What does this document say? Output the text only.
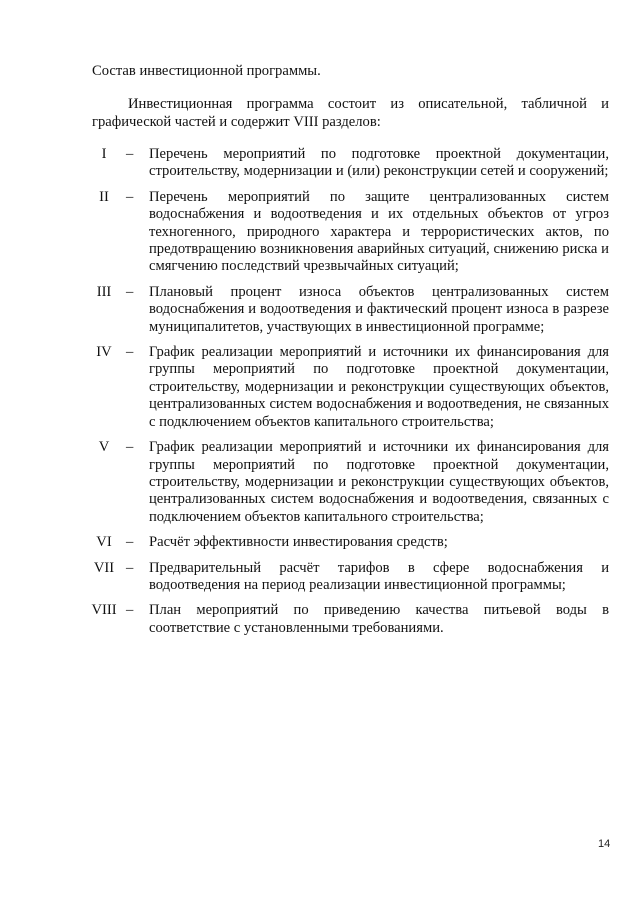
Состав инвестиционной программы.

Инвестиционная программа состоит из описательной, табличной и графической частей и содержит VIII разделов:

I	– Перечень мероприятий по подготовке проектной документации, строительству, модернизации и (или) реконструкции сетей и сооружений;
II	– Перечень мероприятий по защите централизованных систем водоснабжения и водоотведения и их отдельных объектов от угроз техногенного, природного характера и террористических актов, по предотвращению возникновения аварийных ситуаций, снижению риска и смягчению последствий чрезвычайных ситуаций;
III	– Плановый процент износа объектов централизованных систем водоснабжения и водоотведения и фактический процент износа в разрезе муниципалитетов, участвующих в инвестиционной программе;
IV – График реализации мероприятий и источники их финансирования для группы мероприятий по подготовке проектной документации, строительству, модернизации и реконструкции существующих объектов, централизованных систем водоснабжения и водоотведения, не связанных с подключением объектов капитального строительства;
V	– График реализации мероприятий и источники их финансирования для группы мероприятий по подготовке проектной документации, строительству, модернизации и реконструкции существующих объектов, централизованных систем водоснабжения и водоотведения, связанных с подключением объектов капитального строительства;
VI – Расчёт эффективности инвестирования средств;
VII – Предварительный расчёт тарифов в сфере водоснабжения и водоотведения на период реализации инвестиционной программы;
VIII – План мероприятий по приведению качества питьевой воды в соответствие с установленными требованиями.
14
